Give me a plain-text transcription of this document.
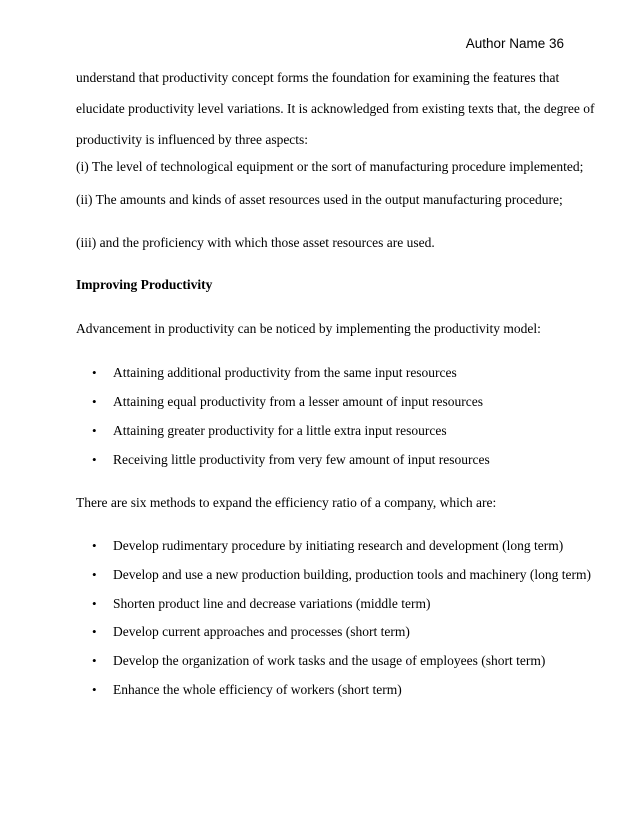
Author Name 36
understand that productivity concept forms the foundation for examining the features that
elucidate productivity level variations. It is acknowledged from existing texts that, the degree of
productivity is influenced by three aspects:
(i) The level of technological equipment or the sort of manufacturing procedure implemented;
(ii) The amounts and kinds of asset resources used in the output manufacturing procedure;
(iii) and the proficiency with which those asset resources are used.
Improving Productivity
Advancement in productivity can be noticed by implementing the productivity model:
• Attaining additional productivity from the same input resources
• Attaining equal productivity from a lesser amount of input resources
• Attaining greater productivity for a little extra input resources
• Receiving little productivity from very few amount of input resources
There are six methods to expand the efficiency ratio of a company, which are:
• Develop rudimentary procedure by initiating research and development (long term)
• Develop and use a new production building, production tools and machinery (long term)
• Shorten product line and decrease variations (middle term)
• Develop current approaches and processes (short term)
• Develop the organization of work tasks and the usage of employees (short term)
• Enhance the whole efficiency of workers (short term)
